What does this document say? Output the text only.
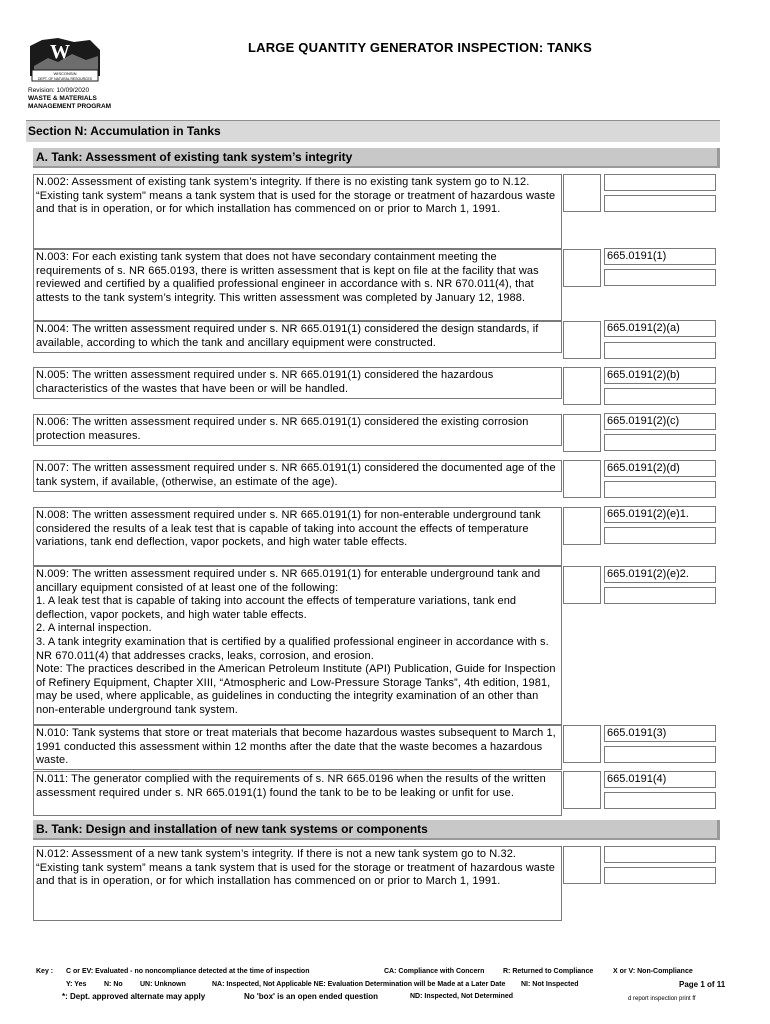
W
WISCONSIN
DEPT. OF NATURAL RESOURCES
LARGE QUANTITY GENERATOR INSPECTION: TANKS
Revision: 10/09/2020
WASTE & MATERIALS
MANAGEMENT PROGRAM
Section N: Accumulation in Tanks
A. Tank: Assessment of existing tank system’s integrity
N.002: Assessment of existing tank system’s integrity. If there is no existing tank system go to N.12.
“Existing tank system" means a tank system that is used for the storage or treatment of hazardous waste and that is in operation, or for which installation has commenced on or prior to March 1, 1991.
N.003: For each existing tank system that does not have secondary containment meeting the requirements of s. NR 665.0193, there is written assessment that is kept on file at the facility that was reviewed and certified by a qualified professional engineer in accordance with s. NR 670.011(4), that attests to the tank system’s integrity. This written assessment was completed by January 12, 1988.
665.0191(1)
N.004: The written assessment required under s. NR 665.0191(1) considered the design standards, if available, according to which the tank and ancillary equipment were constructed.
665.0191(2)(a)
N.005: The written assessment required under s. NR 665.0191(1) considered the hazardous characteristics of the wastes that have been or will be handled.
665.0191(2)(b)
N.006: The written assessment required under s. NR 665.0191(1) considered the existing corrosion protection measures.
665.0191(2)(c)
N.007: The written assessment required under s. NR 665.0191(1) considered the documented age of the tank system, if available, (otherwise, an estimate of the age).
665.0191(2)(d)
N.008: The written assessment required under s. NR 665.0191(1) for non-enterable underground tank considered the results of a leak test that is capable of taking into account the effects of temperature variations, tank end deflection, vapor pockets, and high water table effects.
665.0191(2)(e)1.
N.009: The written assessment required under s. NR 665.0191(1) for enterable underground tank and ancillary equipment consisted of at least one of the following:
1. A leak test that is capable of taking into account the effects of temperature variations, tank end deflection, vapor pockets, and high water table effects.
2. A internal inspection.
3. A tank integrity examination that is certified by a qualified professional engineer in accordance with s. NR 670.011(4) that addresses cracks, leaks, corrosion, and erosion.
Note: The practices described in the American Petroleum Institute (API) Publication, Guide for Inspection of Refinery Equipment, Chapter XIII, “Atmospheric and Low-Pressure Storage Tanks”, 4th edition, 1981, may be used, where applicable, as guidelines in conducting the integrity examination of an other than non-enterable underground tank system.
665.0191(2)(e)2.
N.010: Tank systems that store or treat materials that become hazardous wastes subsequent to March 1, 1991 conducted this assessment within 12 months after the date that the waste becomes a hazardous waste.
665.0191(3)
N.011: The generator complied with the requirements of s. NR 665.0196 when the results of the written assessment required under s. NR 665.0191(1) found the tank to be to be leaking or unfit for use.
665.0191(4)
B. Tank: Design and installation of new tank systems or components
N.012: Assessment of a new tank system’s integrity. If there is not a new tank system go to N.32.
“Existing tank system” means a tank system that is used for the storage or treatment of hazardous waste and that is in operation, or for which installation has commenced on or prior to March 1, 1991.
Key : C or EV: Evaluated - no noncompliance detected at the time of inspection	CA: Compliance with Concern	R: Returned to Compliance	X or V: Non-Compliance
Y: Yes	N: No UN: Unknown	NA: Inspected, Not Applicable NE: Evaluation Determination will be Made at a Later Date NI: Not Inspected	Page 1 of 11
*: Dept. approved alternate may apply	No 'box' is an open ended question	ND: Inspected, Not Determined	d report inspection print ff
